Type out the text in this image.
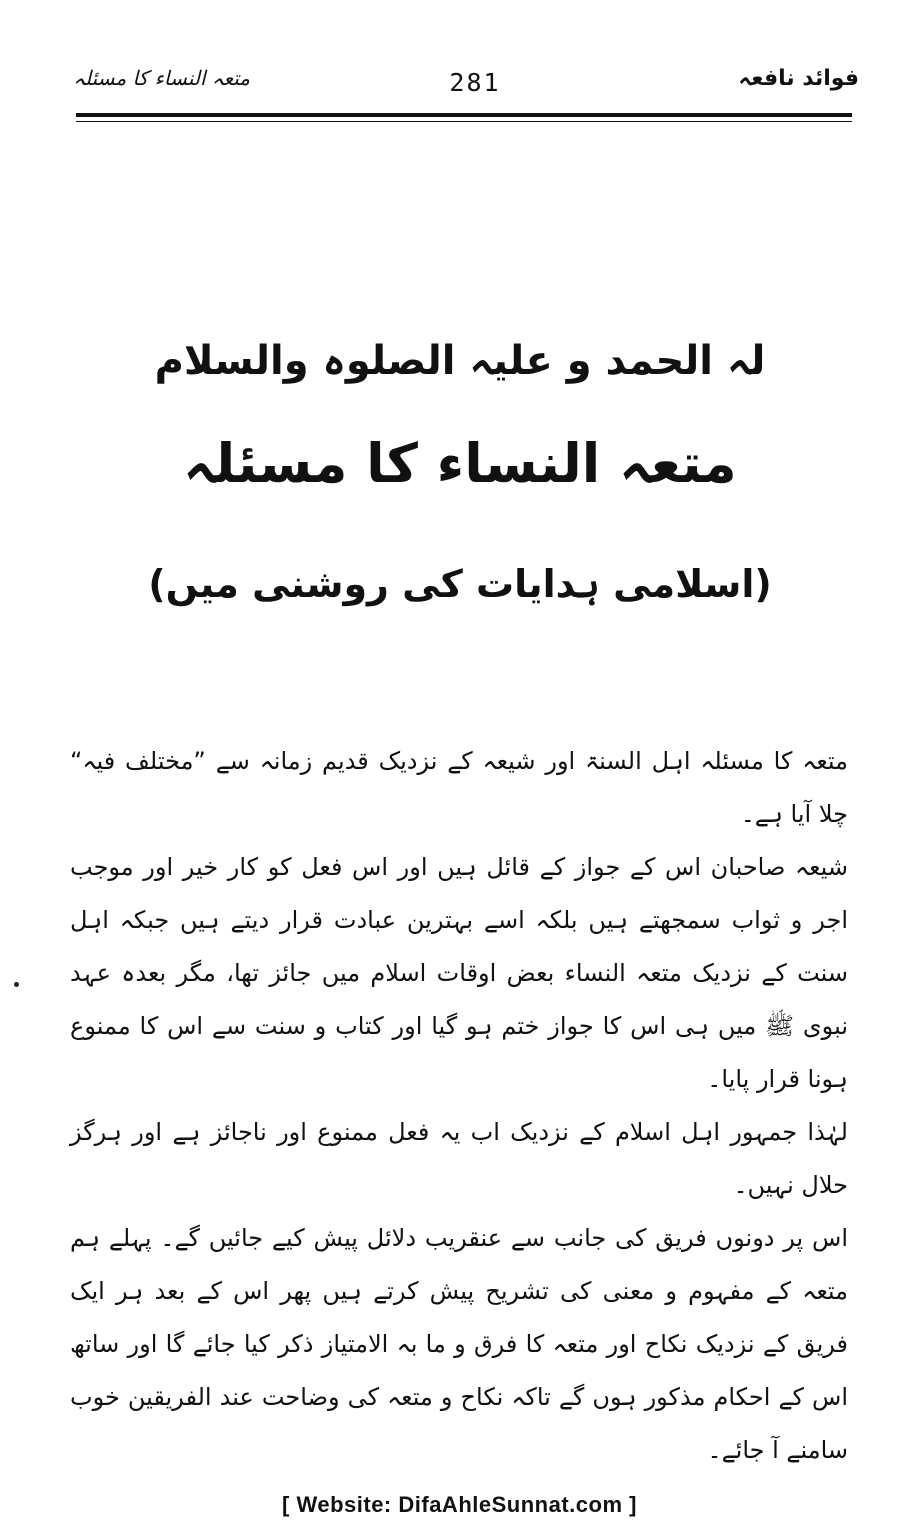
متعہ النساء کا مسئلہ	281	فوائد نافعہ
لہ الحمد و علیہ الصلوہ والسلام
متعہ النساء کا مسئلہ
(اسلامی ہدایات کی روشنی میں)

متعہ کا مسئلہ اہل السنۃ اور شیعہ کے نزدیک قدیم زمانہ سے ”مختلف فیہ“ چلا آیا ہے۔

شیعہ صاحبان اس کے جواز کے قائل ہیں اور اس فعل کو کار خیر اور موجب اجر و ثواب سمجھتے ہیں بلکہ اسے بہترین عبادت قرار دیتے ہیں جبکہ اہل سنت کے نزدیک متعہ النساء بعض اوقات اسلام میں جائز تھا، مگر بعدہ عہد نبوی ﷺ میں ہی اس کا جواز ختم ہو گیا اور کتاب و سنت سے اس کا ممنوع ہونا قرار پایا۔

لہٰذا جمہور اہل اسلام کے نزدیک اب یہ فعل ممنوع اور ناجائز ہے اور ہرگز حلال نہیں۔

اس پر دونوں فریق کی جانب سے عنقریب دلائل پیش کیے جائیں گے۔ پہلے ہم متعہ کے مفہوم و معنی کی تشریح پیش کرتے ہیں پھر اس کے بعد ہر ایک فریق کے نزدیک نکاح اور متعہ کا فرق و ما بہ الامتیاز ذکر کیا جائے گا اور ساتھ اس کے احکام مذکور ہوں گے تاکہ نکاح و متعہ کی وضاحت عند الفریقین خوب سامنے آ جائے۔

[ Website: DifaAhleSunnat.com ]
